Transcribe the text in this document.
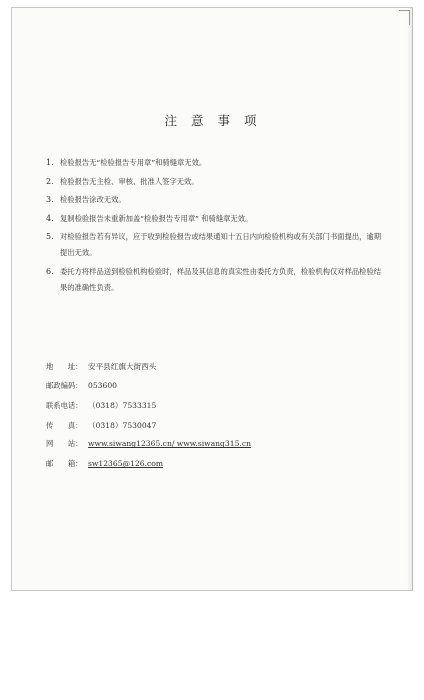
注 意 事 项
1. 检验报告无“检验报告专用章”和骑缝章无效。
2. 检验报告无主检、审核、批准人签字无效。
3. 检验报告涂改无效。
4. 复制检验报告未重新加盖“检验报告专用章” 和骑缝章无效。
5. 对检验报告若有异议，应于收到检验报告或结果通知十五日内向检验机构或有关部门书面提出，逾期提出无效。
6. 委托方将样品送到检验机构检验时，样品及其信息的真实性由委托方负责，检验机构仅对样品检验结果的准确性负责。
地　　址： 安平县红旗大街西头
邮政编码： 053600
联系电话： （0318）7533315
传　　真： （0318）7530047
网　　站： www.siwang12365.cn/ www.siwang315.cn
邮　　箱： sw12365@126.com
